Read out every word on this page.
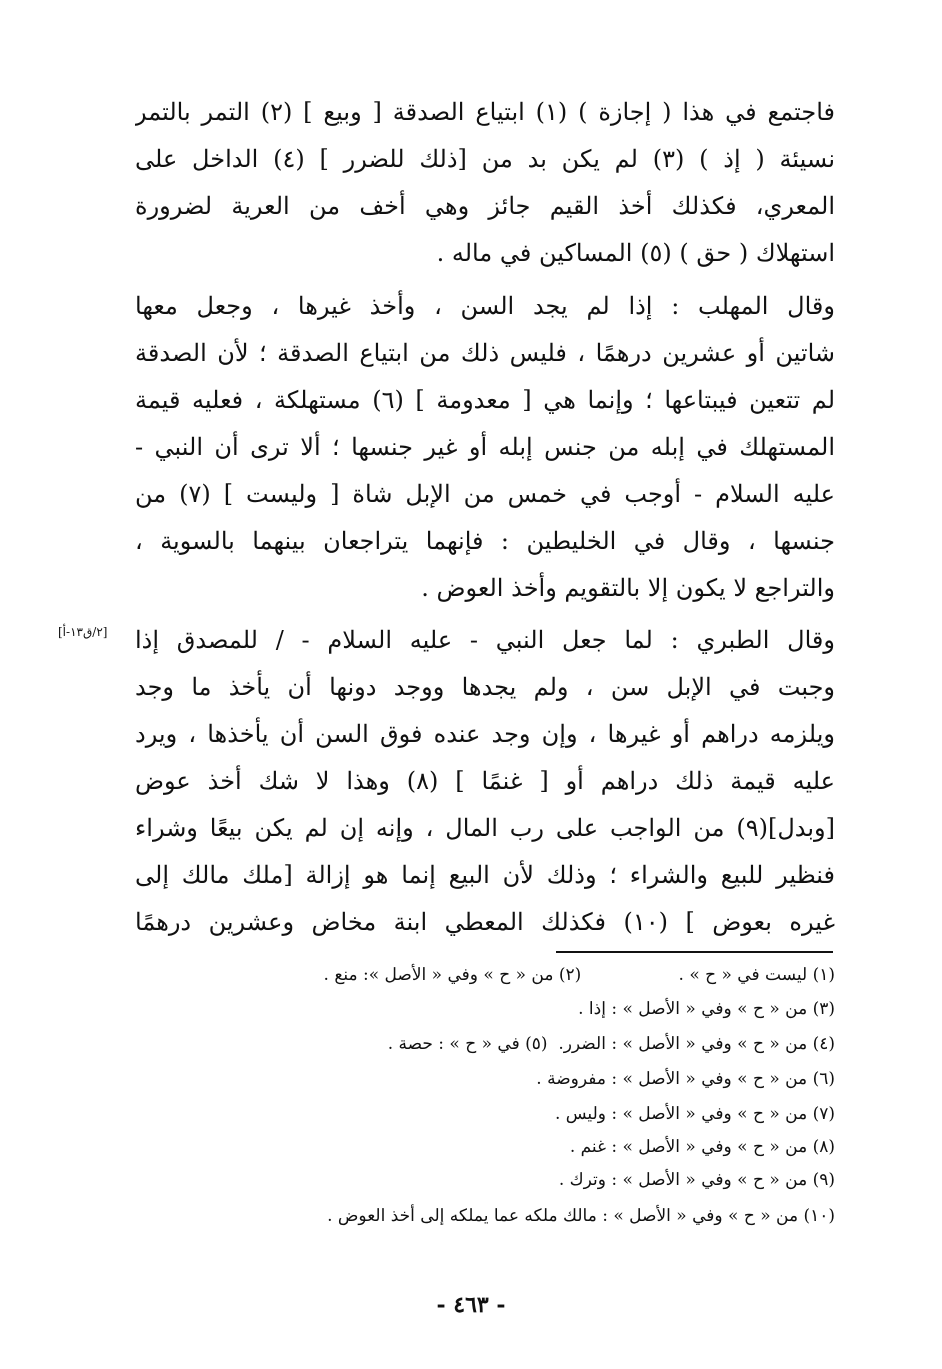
فاجتمع في هذا ( إجازة ) (١) ابتياع الصدقة [ وبيع ] (٢) التمر بالتمر
نسيئة ( إذ ) (٣) لم يكن بد من [ذلك للضرر ] (٤) الداخل على
المعري، فكذلك أخذ القيم جائز وهي أخف من العرية لضرورة
استهلاك ( حق ) (٥) المساكين في ماله .
وقال المهلب : إذا لم يجد السن ، وأخذ غيرها ، وجعل معها
شاتين أو عشرين درهمًا ، فليس ذلك من ابتياع الصدقة ؛ لأن الصدقة
لم تتعين فيبتاعها ؛ وإنما هي [ معدومة ] (٦) مستهلكة ، فعليه قيمة
المستهلك في إبله من جنس إبله أو غير جنسها ؛ ألا ترى أن النبي -
عليه السلام - أوجب في خمس من الإبل شاة [ وليست ] (٧) من
جنسها ، وقال في الخليطين : فإنهما يتراجعان بينهما بالسوية ،
والتراجع لا يكون إلا بالتقويم وأخذ العوض .
[٢/ق١٣-أ]	وقال الطبري : لما جعل النبي - عليه السلام - / للمصدق إذا
وجبت في الإبل سن ، ولم يجدها ووجد دونها أن يأخذ ما وجد
ويلزمه دراهم أو غيرها ، وإن وجد عنده فوق السن أن يأخذها ، ويرد
عليه قيمة ذلك دراهم أو [ غنمًا ] (٨) وهذا لا شك أخذ عوض
[وبدل](٩) من الواجب على رب المال ، وإنه إن لم يكن بيعًا وشراء
فنظير للبيع والشراء ؛ وذلك لأن البيع إنما هو إزالة [ملك مالك إلى
غيره بعوض ] (١٠) فكذلك المعطي ابنة مخاض وعشرين درهمًا
(١) ليست في « ح » .                  (٢) من « ح » وفي « الأصل »: منع .
(٣) من « ح » وفي « الأصل » : إذا .
(٤) من « ح » وفي « الأصل » : الضرر.  (٥) في « ح » : حصة .
(٦) من « ح » وفي « الأصل » : مفروضة .
(٧) من « ح » وفي « الأصل » : وليس .
(٨) من « ح » وفي « الأصل » : غنم .
(٩) من « ح » وفي « الأصل » : وترك .
(١٠) من « ح » وفي « الأصل » : مالك ملكه عما يملكه إلى أخذ العوض .
- ٤٦٣ -
